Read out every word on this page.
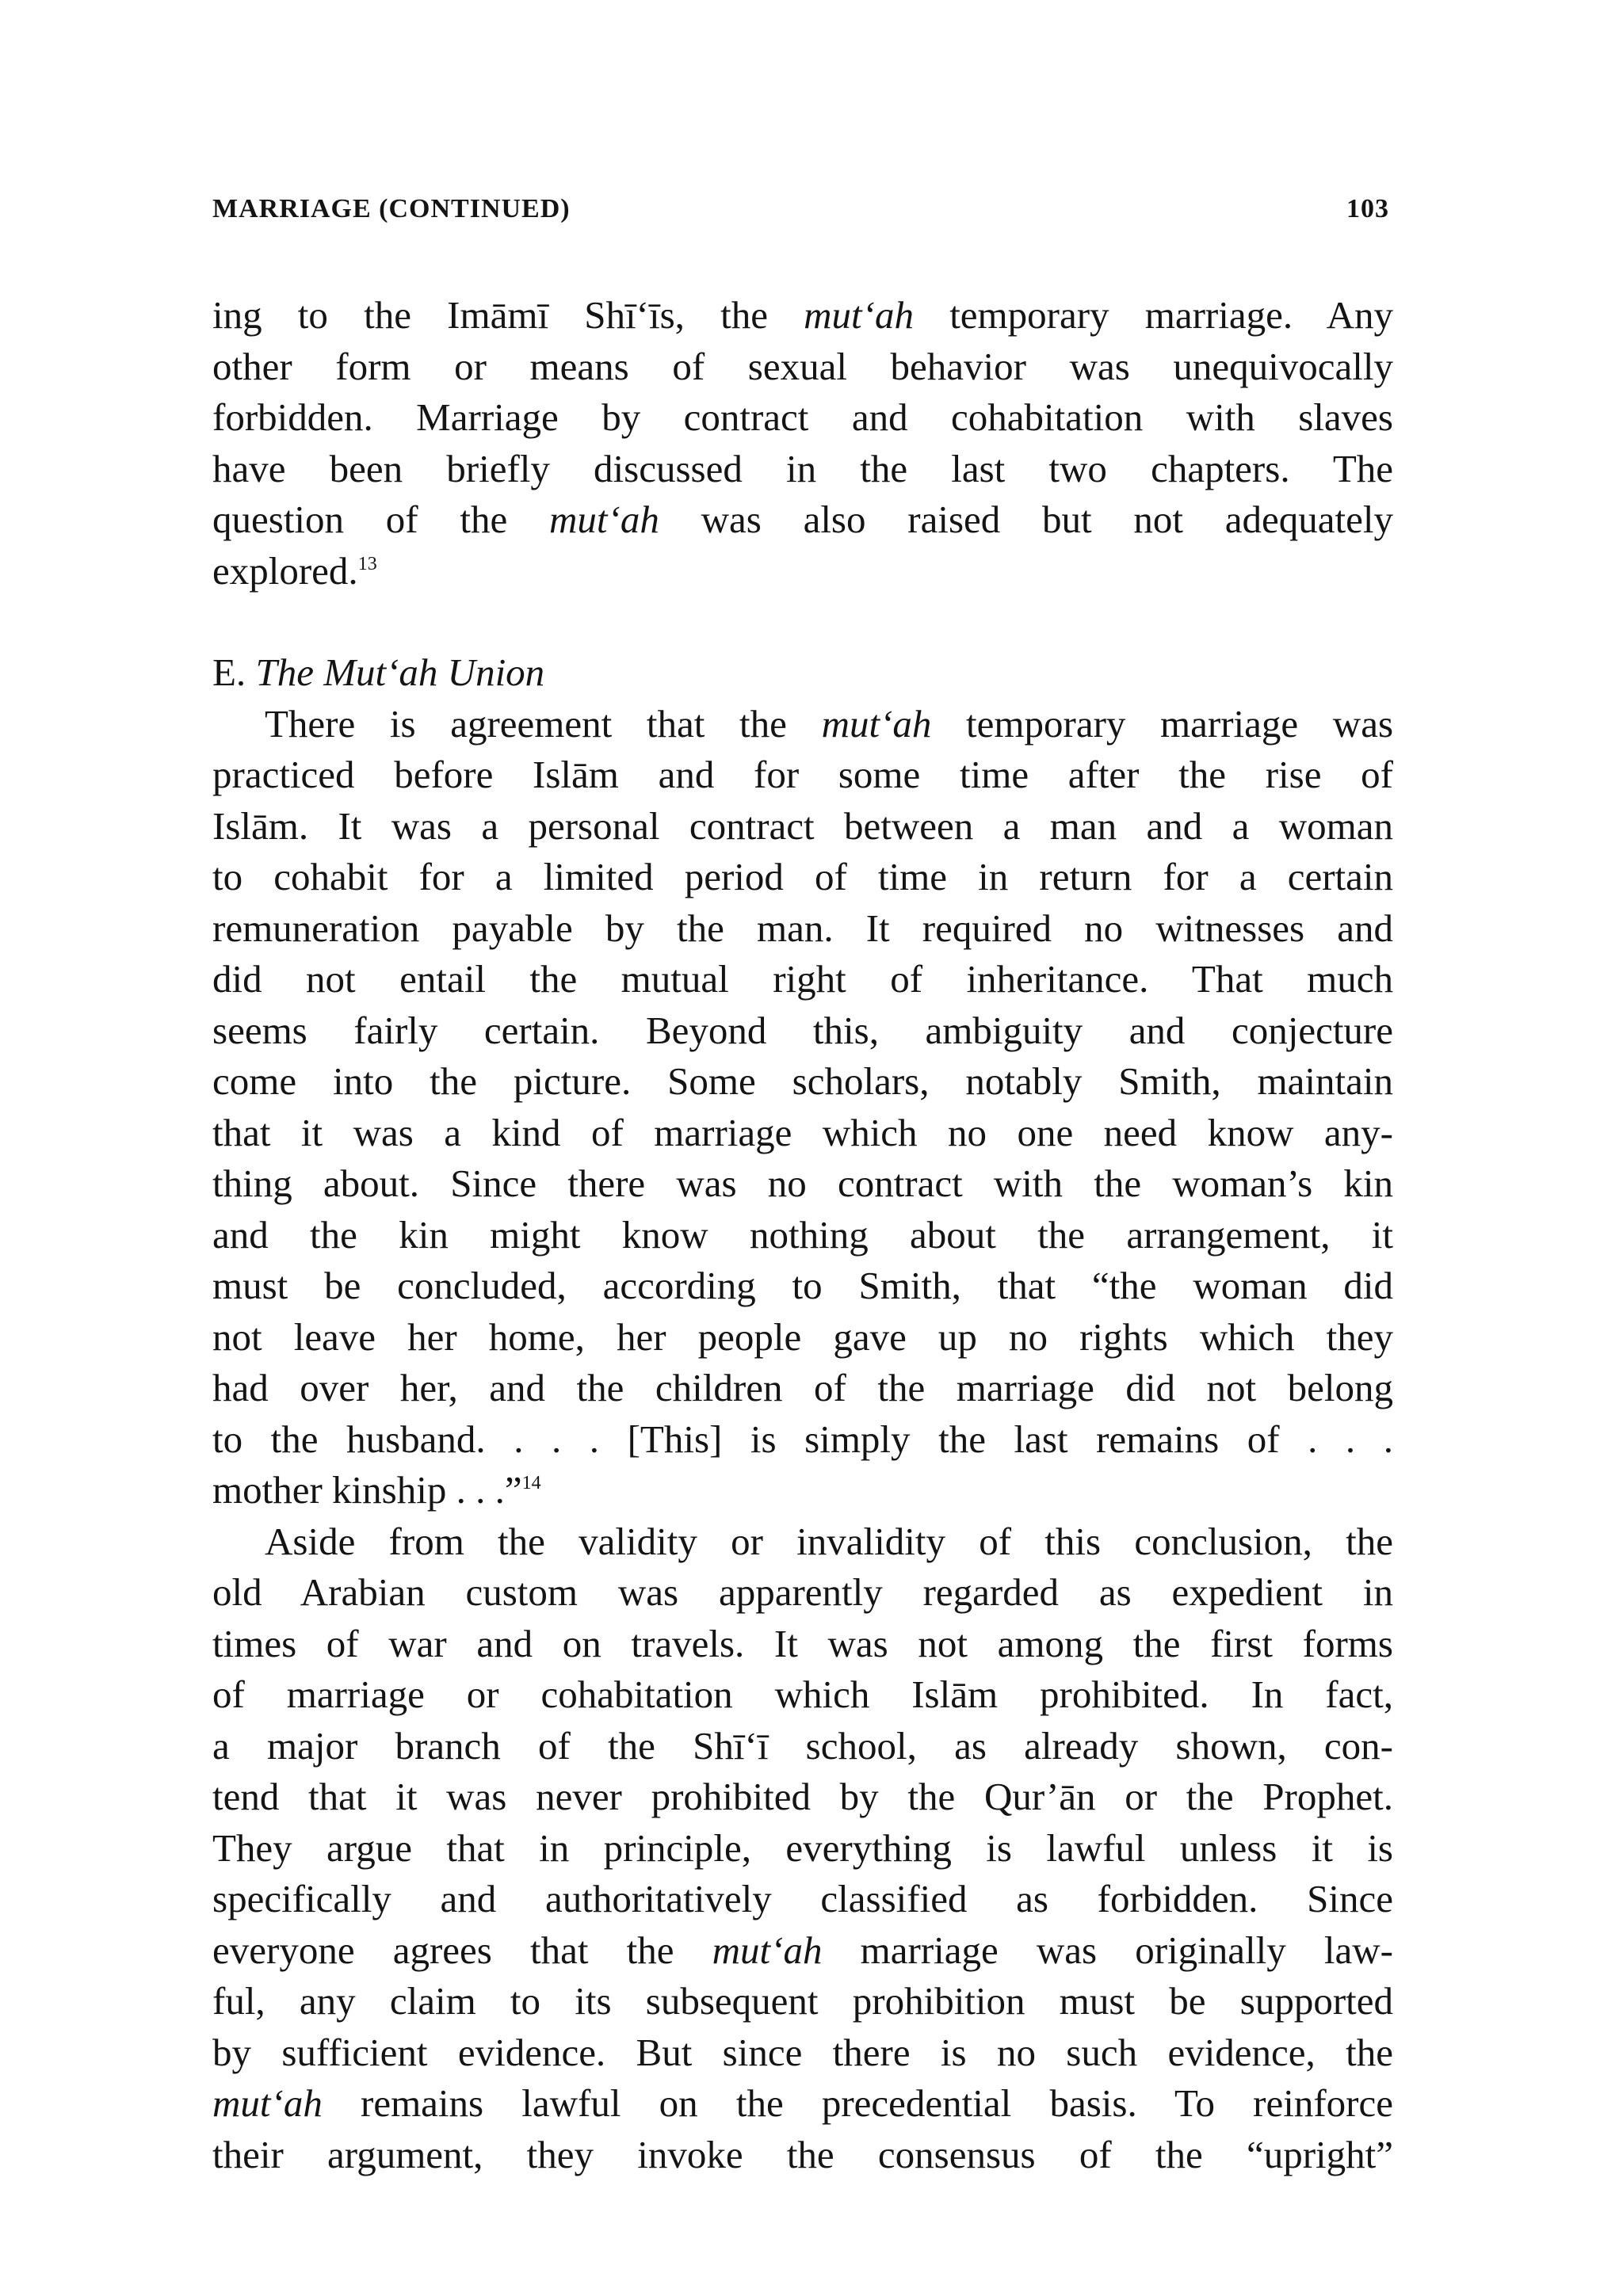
MARRIAGE (CONTINUED)	103
ing to the Imāmī Shī‘īs, the mut‘ah temporary marriage. Any
other form or means of sexual behavior was unequivocally
forbidden. Marriage by contract and cohabitation with slaves
have been briefly discussed in the last two chapters. The
question of the mut‘ah was also raised but not adequately
explored.$^{13}$
E. The Mut‘ah Union
There is agreement that the mut‘ah temporary marriage was
practiced before Islām and for some time after the rise of
Islām. It was a personal contract between a man and a woman
to cohabit for a limited period of time in return for a certain
remuneration payable by the man. It required no witnesses and
did not entail the mutual right of inheritance. That much
seems fairly certain. Beyond this, ambiguity and conjecture
come into the picture. Some scholars, notably Smith, maintain
that it was a kind of marriage which no one need know any-
thing about. Since there was no contract with the woman’s kin
and the kin might know nothing about the arrangement, it
must be concluded, according to Smith, that “the woman did
not leave her home, her people gave up no rights which they
had over her, and the children of the marriage did not belong
to the husband. . . . [This] is simply the last remains of . . .
mother kinship . . .”$^{14}$
Aside from the validity or invalidity of this conclusion, the
old Arabian custom was apparently regarded as expedient in
times of war and on travels. It was not among the first forms
of marriage or cohabitation which Islām prohibited. In fact,
a major branch of the Shī‘ī school, as already shown, con-
tend that it was never prohibited by the Qur’ān or the Prophet.
They argue that in principle, everything is lawful unless it is
specifically and authoritatively classified as forbidden. Since
everyone agrees that the mut‘ah marriage was originally law-
ful, any claim to its subsequent prohibition must be supported
by sufficient evidence. But since there is no such evidence, the
mut‘ah remains lawful on the precedential basis. To reinforce
their argument, they invoke the consensus of the “upright”
